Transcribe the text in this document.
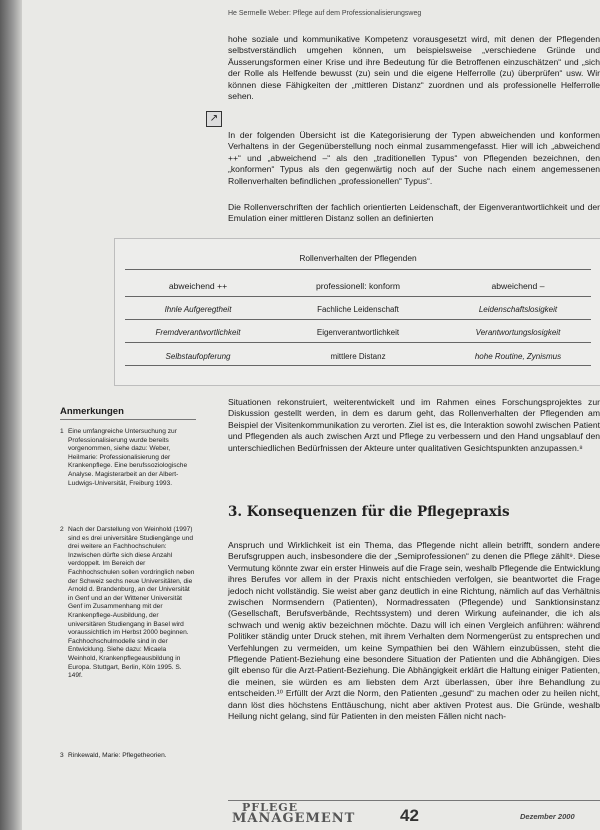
He Sermelle Weber: Pflege auf dem Professionalisierungsweg

hohe soziale und kommunikative Kompetenz vorausgesetzt wird, mit denen der Pflegenden selbstverständlich umgehen können, um beispielsweise „verschiedene Gründe und Äusserungsformen einer Krise und ihre Bedeutung für die Betroffenen einzuschätzen“ und „sich der Rolle als Helfende bewusst (zu) sein und die eigene Helferrolle (zu) überprüfen“ usw. Wir können diese Fähigkeiten der „mittleren Distanz“ zuordnen und als professionelle Helferrolle sehen.

↗

In der folgenden Übersicht ist die Kategorisierung der Typen abweichenden und konformen Verhaltens in der Gegenüberstellung noch einmal zusammengefasst. Hier will ich „abweichend ++“ und „abweichend –“ als den „traditionellen Typus“ von Pflegenden bezeichnen, den „konformen“ Typus als den gegenwärtig noch auf der Suche nach einem angemessenen Rollenverhalten befindlichen „professionellen“ Typus“.

Die Rollenverschriften der fachlich orientierten Leidenschaft, der Eigenverantwortlichkeit und der Emulation einer mittleren Distanz sollen an definierten

Rollenverhalten der Pflegenden
abweichend ++	professionell: konform	abweichend –
Ihnle Aufgeregtheit	Fachliche Leidenschaft	Leidenschaftslosigkeit
Fremdverantwortlichkeit	Eigenverantwortlichkeit	Verantwortungslosigkeit
Selbstaufopferung	mittlere Distanz	hohe Routine, Zynismus

Situationen rekonstruiert, weiterentwickelt und im Rahmen eines Forschungsprojektes zur Diskussion gestellt werden, in dem es darum geht, das Rollenverhalten der Pflegenden am Beispiel der Visitenkommunikation zu verorten. Ziel ist es, die Interaktion sowohl zwischen Patient und Pflegenden als auch zwischen Arzt und Pflege zu verbessern und den Hand ungsablauf den unterschiedlichen Bedürfnissen der Akteure unter qualitativen Gesichtspunkten anzupassen.⁸

3. Konsequenzen für die Pflegepraxis

Anspruch und Wirklichkeit ist ein Thema, das Pflegende nicht allein betrifft, sondern andere Berufsgruppen auch, insbesondere die der „Semiprofessionen“ zu denen die Pflege zählt⁹. Diese Vermutung könnte zwar ein erster Hinweis auf die Frage sein, weshalb Pflegende die Entwicklung ihres Berufes vor allem in der Praxis nicht entschieden verfolgen, sie beantwortet die Frage jedoch nicht vollständig. Sie weist aber ganz deutlich in eine Richtung, nämlich auf das Verhältnis zwischen Normsendern (Patienten), Normadressaten (Pflegende) und Sanktionsinstanz (Gesellschaft, Berufsverbände, Rechtssystem) und deren Wirkung aufeinander, die ich als schwach und wenig aktiv bezeichnen möchte. Dazu will ich einen Vergleich anführen: während Politiker ständig unter Druck stehen, mit ihrem Verhalten dem Normengerüst zu entsprechen und Verfehlungen zu vermeiden, um keine Sympathien bei den Wählern einzubüssen, steht die Pflegende Patient-Beziehung eine besondere Situation der Patienten und die Abhängigen. Dies gilt ebenso für die Arzt-Patient-Beziehung. Die Abhängigkeit erklärt die Haltung einiger Patienten, die meinen, sie würden es am liebsten dem Arzt überlassen, über ihre Behandlung zu entscheiden.¹⁰ Erfüllt der Arzt die Norm, den Patienten „gesund“ zu machen oder zu heilen nicht, dann löst dies höchstens Enttäuschung, nicht aber aktiven Protest aus. Die Gründe, weshalb Heilung nicht gelang, sind für Patienten in den meisten Fällen nicht nach-

Anmerkungen
1 Eine umfangreiche Untersuchung zur Professionalisierung wurde bereits vorgenommen, siehe dazu: Weber, Heilmarie: Professionalisierung der Krankenpflege. Eine berufssoziologische Analyse. Magisterarbeit an der Albert-Ludwigs-Universität, Freiburg 1993.
2 Nach der Darstellung von Weinhold (1997) sind es drei universitäre Studiengänge und drei weitere an Fachhochschulen: Inzwischen dürfte sich diese Anzahl verdoppelt. Im Bereich der Fachhochschulen sollen vordringlich neben der Schweiz sechs neue Universitäten, die Arnold d. Brandenburg, an der Universität in Genf und an der Wittener Universität Genf im Zusammenhang mit der Krankenpflege-Ausbildung, der universitären Studiengang in Basel wird voraussichtlich im Herbst 2000 beginnen. Fachhochschulmodelle sind in der Entwicklung. Siehe dazu: Micaela Weinhold, Krankenpflegeausbildung in Europa. Stuttgart, Berlin, Köln 1995. S. 149f.
3 Rinkewald, Marie: Pflegetheorien.
PFLEGE
MANAGEMENT	42	Dezember 2000
